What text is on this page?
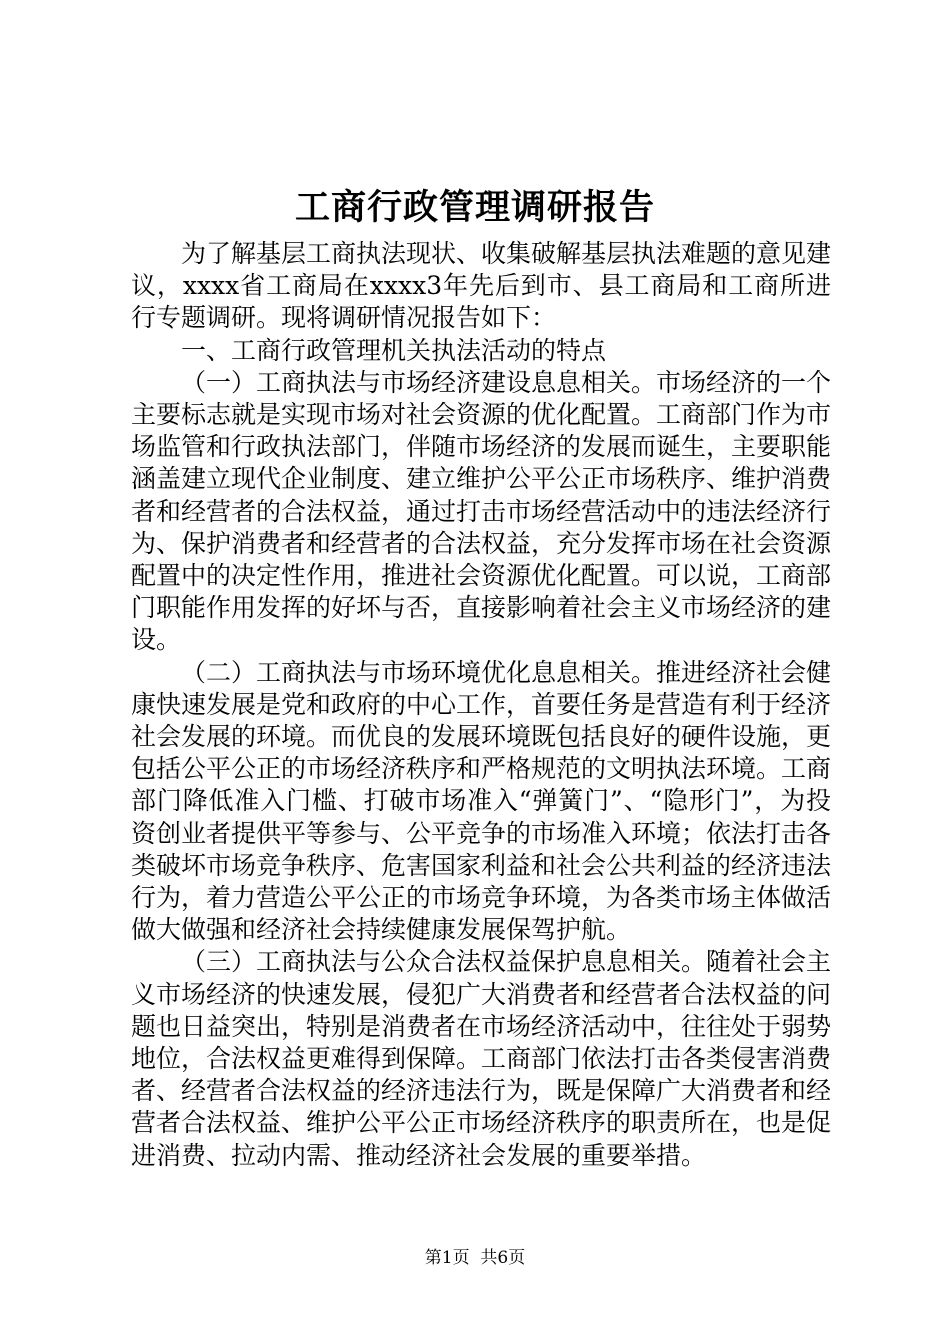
工商行政管理调研报告

为了解基层工商执法现状、收集破解基层执法难题的意见建议，xxxx省工商局在xxxx3年先后到市、县工商局和工商所进行专题调研。现将调研情况报告如下：

一、工商行政管理机关执法活动的特点

（一）工商执法与市场经济建设息息相关。市场经济的一个主要标志就是实现市场对社会资源的优化配置。工商部门作为市场监管和行政执法部门，伴随市场经济的发展而诞生，主要职能涵盖建立现代企业制度、建立维护公平公正市场秩序、维护消费者和经营者的合法权益，通过打击市场经营活动中的违法经济行为、保护消费者和经营者的合法权益，充分发挥市场在社会资源配置中的决定性作用，推进社会资源优化配置。可以说，工商部门职能作用发挥的好坏与否，直接影响着社会主义市场经济的建设。

（二）工商执法与市场环境优化息息相关。推进经济社会健康快速发展是党和政府的中心工作，首要任务是营造有利于经济社会发展的环境。而优良的发展环境既包括良好的硬件设施，更包括公平公正的市场经济秩序和严格规范的文明执法环境。工商部门降低准入门槛、打破市场准入“弹簧门”、“隐形门”，为投资创业者提供平等参与、公平竞争的市场准入环境；依法打击各类破坏市场竞争秩序、危害国家利益和社会公共利益的经济违法行为，着力营造公平公正的市场竞争环境，为各类市场主体做活做大做强和经济社会持续健康发展保驾护航。

（三）工商执法与公众合法权益保护息息相关。随着社会主义市场经济的快速发展，侵犯广大消费者和经营者合法权益的问题也日益突出，特别是消费者在市场经济活动中，往往处于弱势地位，合法权益更难得到保障。工商部门依法打击各类侵害消费者、经营者合法权益的经济违法行为，既是保障广大消费者和经营者合法权益、维护公平公正市场经济秩序的职责所在，也是促进消费、拉动内需、推动经济社会发展的重要举措。

第1页 共6页
